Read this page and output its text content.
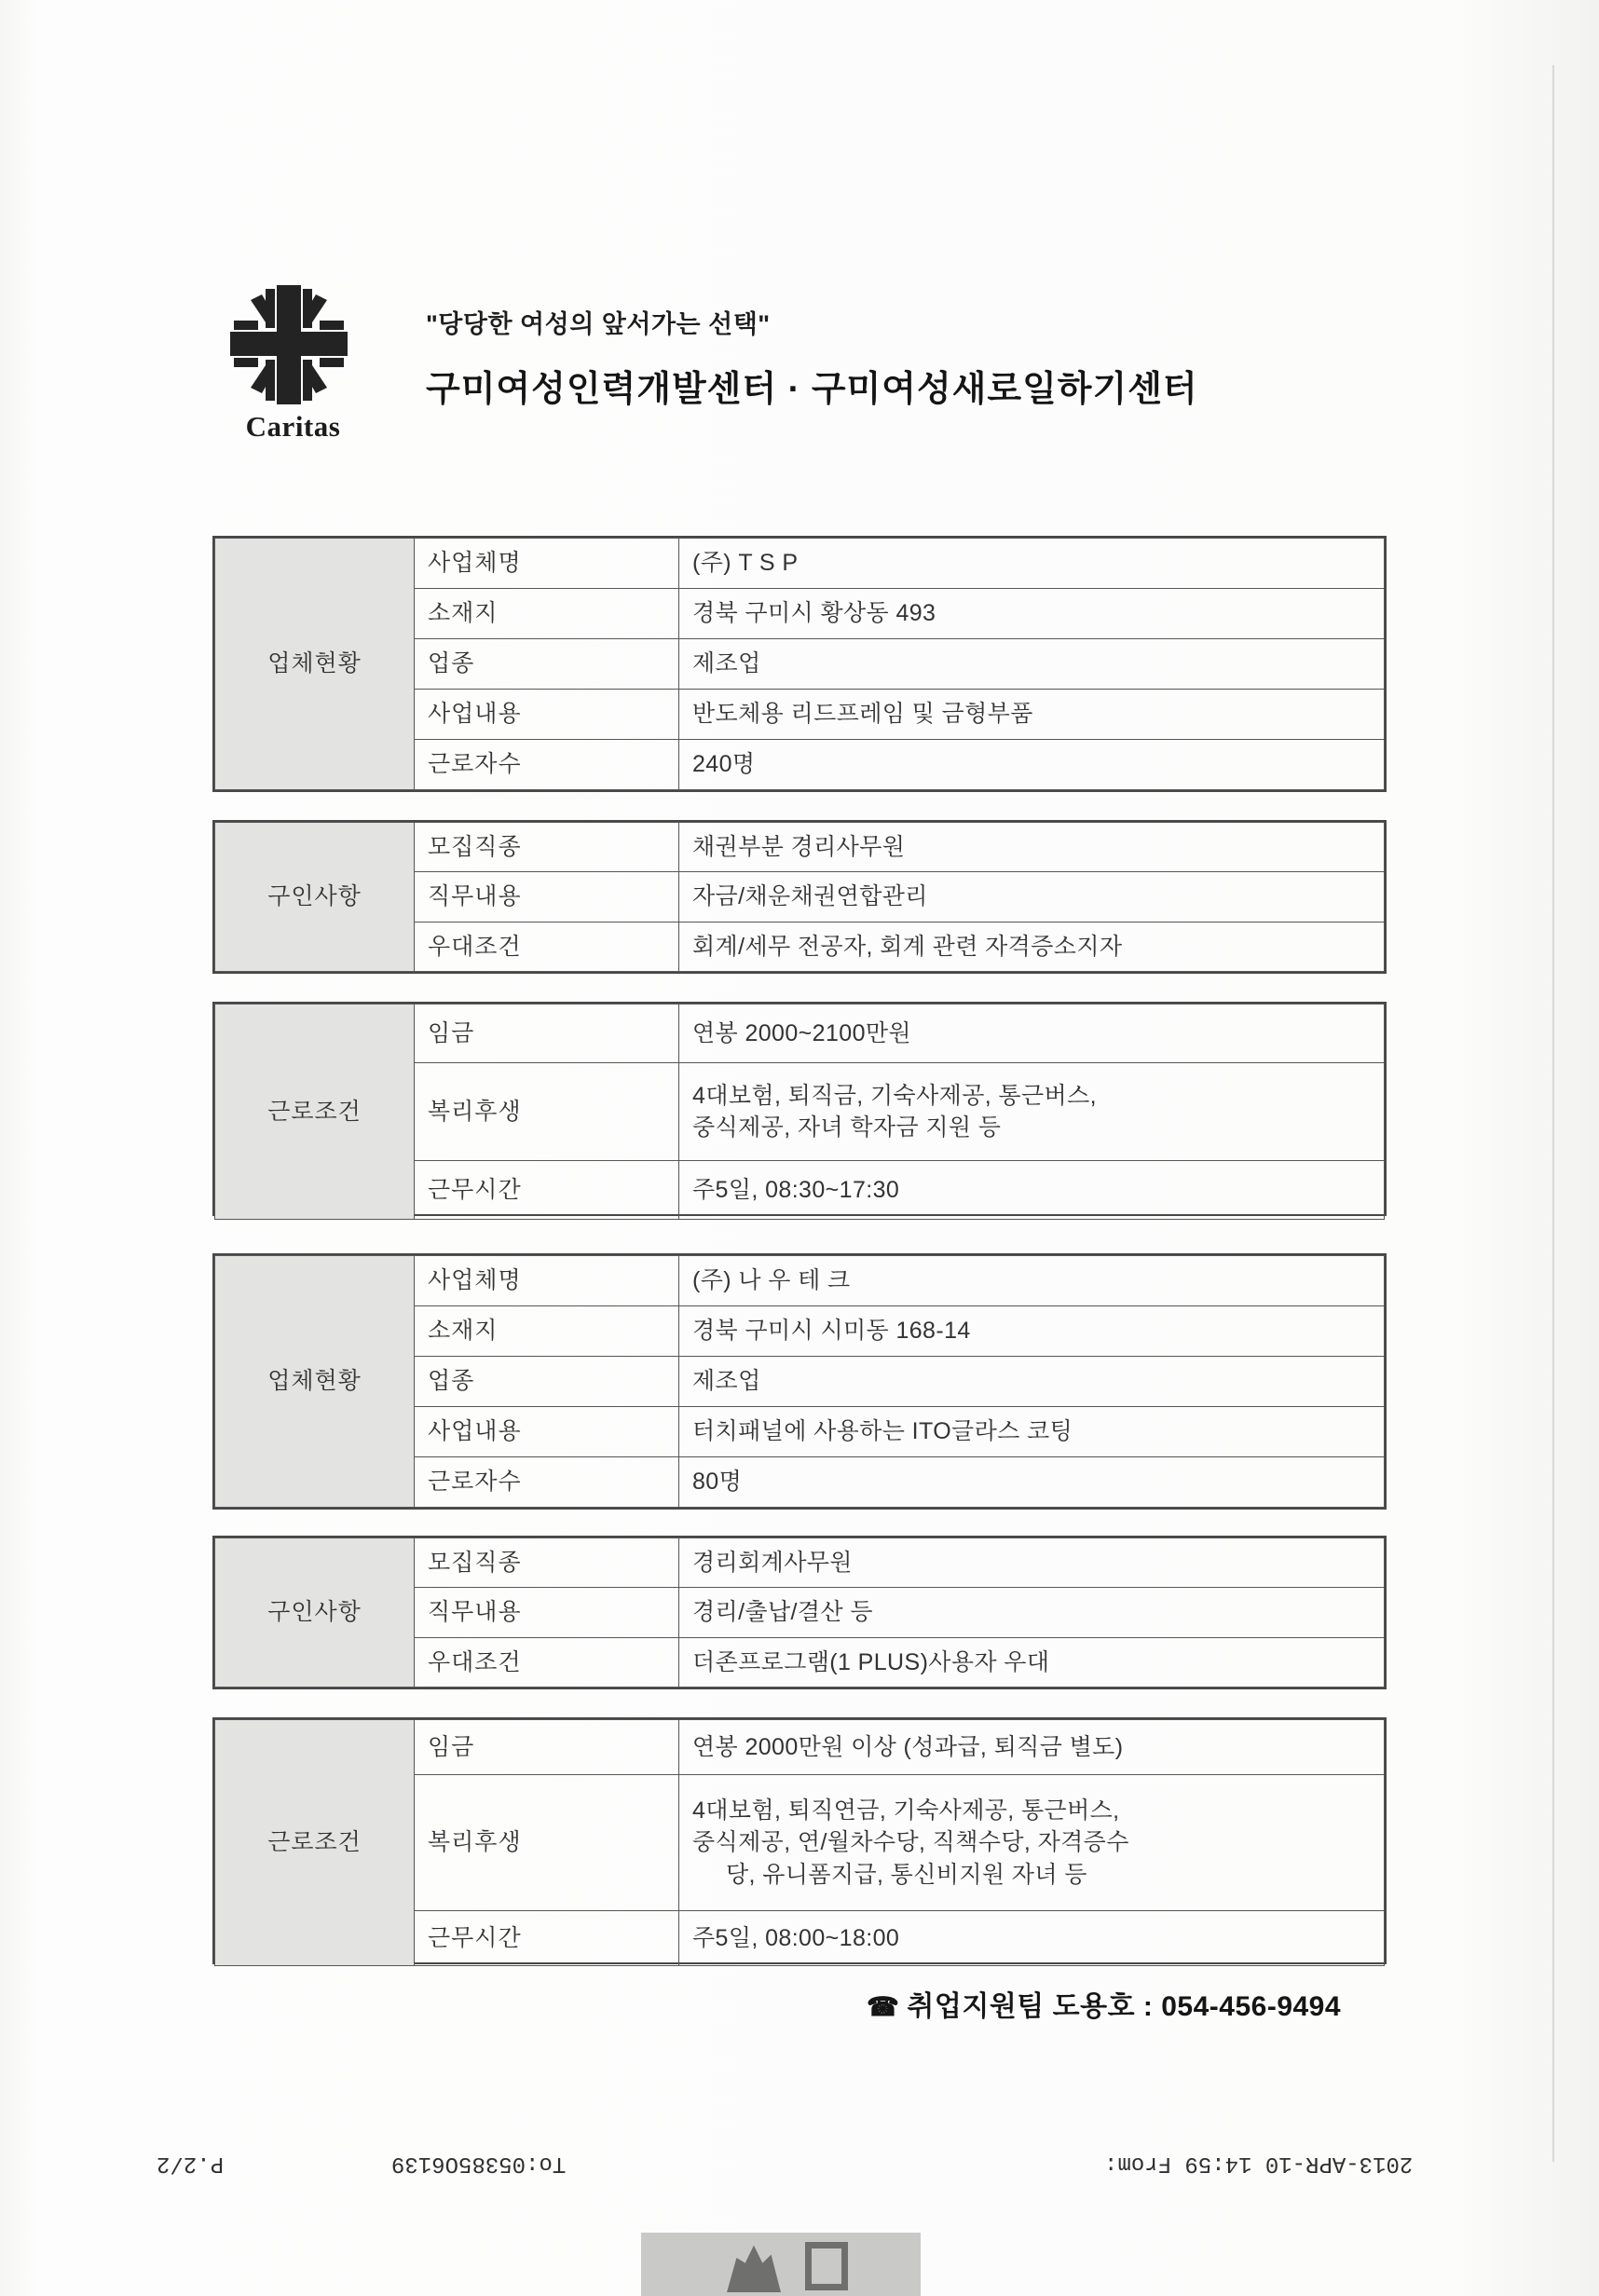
Caritas
"당당한 여성의 앞서가는 선택"
구미여성인력개발센터 · 구미여성새로일하기센터
업체현황	사업체명	(주) T S P
	소재지	경북 구미시 황상동 493
	업종	제조업
	사업내용	반도체용 리드프레임 및 금형부품
	근로자수	240명
구인사항	모집직종	채권부분 경리사무원
	직무내용	자금/채운채권연합관리
	우대조건	회계/세무 전공자, 회계 관련 자격증소지자
근로조건	임금	연봉 2000~2100만원
	복리후생	4대보험, 퇴직금, 기숙사제공, 통근버스,
중식제공, 자녀 학자금 지원 등

	근무시간	주5일, 08:30~17:30
업체현황	사업체명	(주) 나 우 테 크
	소재지	경북 구미시 시미동 168-14
	업종	제조업
	사업내용	터치패널에 사용하는 ITO글라스 코팅
	근로자수	80명
구인사항	모집직종	경리회계사무원
	직무내용	경리/출납/결산 등
	우대조건	더존프로그램(1 PLUS)사용자 우대
근로조건	임금	연봉 2000만원 이상 (성과급, 퇴직금 별도)
	복리후생	4대보험, 퇴직연금, 기숙사제공, 통근버스,
중식제공, 연/월차수당, 직책수당, 자격증수
당, 유니폼지급, 통신비지원 자녀 등

	근무시간	주5일, 08:00~18:00
☎ 취업지원팀 도용호 : 054-456-9494
P.2/2	To:05385O6139	2013-APR-10 14:59 From:
